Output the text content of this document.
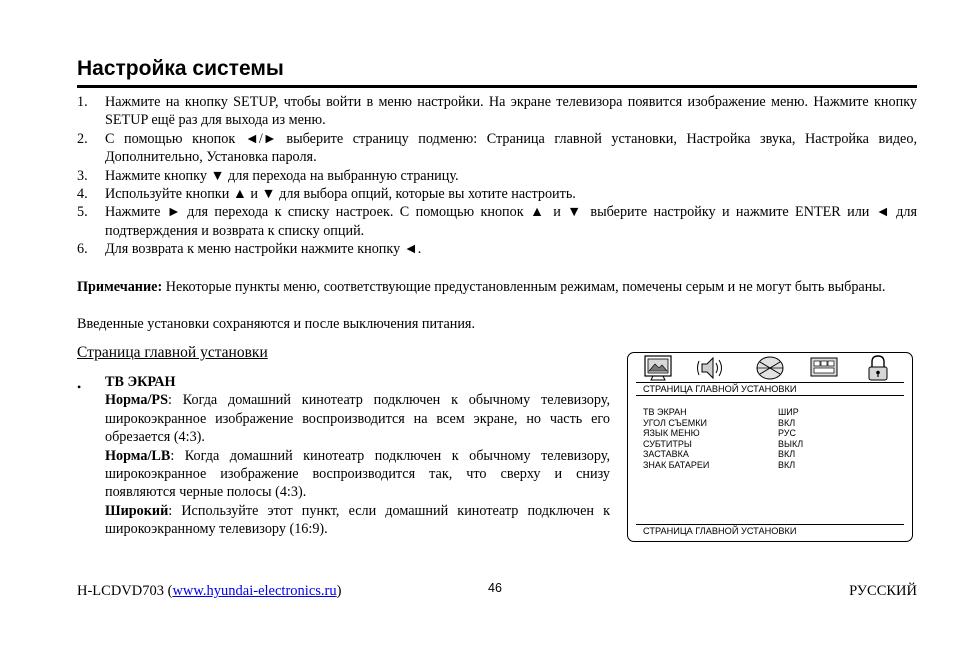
Настройка системы
1. Нажмите на кнопку SETUP, чтобы войти в меню настройки. На экране телевизора появится изображение меню. Нажмите кнопку SETUP ещё раз для выхода из меню.
2. С помощью кнопок ◄/► выберите страницу подменю: Страница главной установки, Настройка звука, Настройка видео, Дополнительно, Установка пароля.
3. Нажмите кнопку ▼ для перехода на выбранную страницу.
4. Используйте кнопки ▲ и ▼ для выбора опций, которые вы хотите настроить.
5. Нажмите ► для перехода к списку настроек. С помощью кнопок ▲ и ▼ выберите настройку и нажмите ENTER или ◄ для подтверждения и возврата к списку опций.
6. Для возврата к меню настройки нажмите кнопку ◄.
Примечание: Некоторые пункты меню, соответствующие предустановленным режимам, помечены серым и не могут быть выбраны.
Введенные установки сохраняются и после выключения питания.
Страница главной установки
• ТВ ЭКРАН
Норма/PS: Когда домашний кинотеатр подключен к обычному телевизору, широкоэкранное изображение воспроизводится на всем экране, но часть его обрезается (4:3).
Норма/LB: Когда домашний кинотеатр подключен к обычному телевизору, широкоэкранное изображение воспроизводится так, что сверху и снизу появляются черные полосы (4:3).
Широкий: Используйте этот пункт, если домашний кинотеатр подключен к широкоэкранному телевизору (16:9).
СТРАНИЦА ГЛАВНОЙ УСТАНОВКИ
ТВ ЭКРАН	ШИР
УГОЛ СЪЕМКИ	ВКЛ
ЯЗЫК МЕНЮ	РУС
СУБТИТРЫ	ВЫКЛ
ЗАСТАВКА	ВКЛ
ЗНАК БАТАРЕИ	ВКЛ
СТРАНИЦА ГЛАВНОЙ УСТАНОВКИ
H-LCDVD703 (www.hyundai-electronics.ru)	46	РУССКИЙ
